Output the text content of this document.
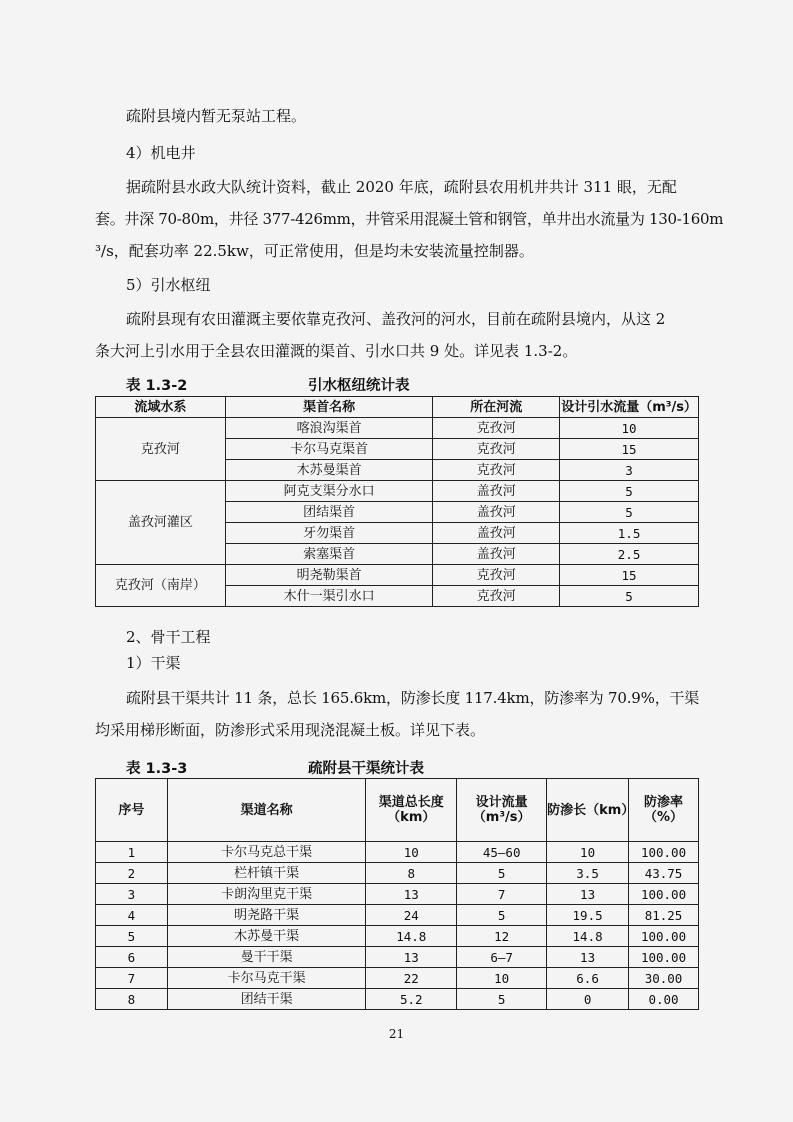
疏附县境内暂无泵站工程。
4）机电井
据疏附县水政大队统计资料，截止 2020 年底，疏附县农用机井共计 311 眼，无配
套。井深 70-80m，井径 377-426mm，井管采用混凝土管和钢管，单井出水流量为 130-160m
³/s，配套功率 22.5kw，可正常使用，但是均未安装流量控制器。
5）引水枢纽
疏附县现有农田灌溉主要依靠克孜河、盖孜河的河水，目前在疏附县境内，从这 2
条大河上引水用于全县农田灌溉的渠首、引水口共 9 处。详见表 1.3-2。
表 1.3-2	引水枢纽统计表
流域水系	渠首名称	所在河流	设计引水流量（m³/s）
克孜河	喀浪沟渠首	克孜河	10
	卡尔马克渠首	克孜河	15
	木苏曼渠首	克孜河	3
盖孜河灌区	阿克支渠分水口	盖孜河	5
	团结渠首	盖孜河	5
	牙勿渠首	盖孜河	1.5
	索塞渠首	盖孜河	2.5
克孜河（南岸）	明尧勒渠首	克孜河	15
	木什一渠引水口	克孜河	5
2、骨干工程
1）干渠
疏附县干渠共计 11 条，总长 165.6km，防渗长度 117.4km，防渗率为 70.9%，干渠
均采用梯形断面，防渗形式采用现浇混凝土板。详见下表。
表 1.3-3	疏附县干渠统计表
序号	渠道名称	渠道总长度
（km）	设计流量
（m³/s）	防渗长（km）	防渗率（%）
1	卡尔马克总干渠	10	45—60	10	100.00
2	栏杆镇干渠	8	5	3.5	43.75
3	卡朗沟里克干渠	13	7	13	100.00
4	明尧路干渠	24	5	19.5	81.25
5	木苏曼干渠	14.8	12	14.8	100.00
6	曼干干渠	13	6—7	13	100.00
7	卡尔马克干渠	22	10	6.6	30.00
8	团结干渠	5.2	5	0	0.00
21
